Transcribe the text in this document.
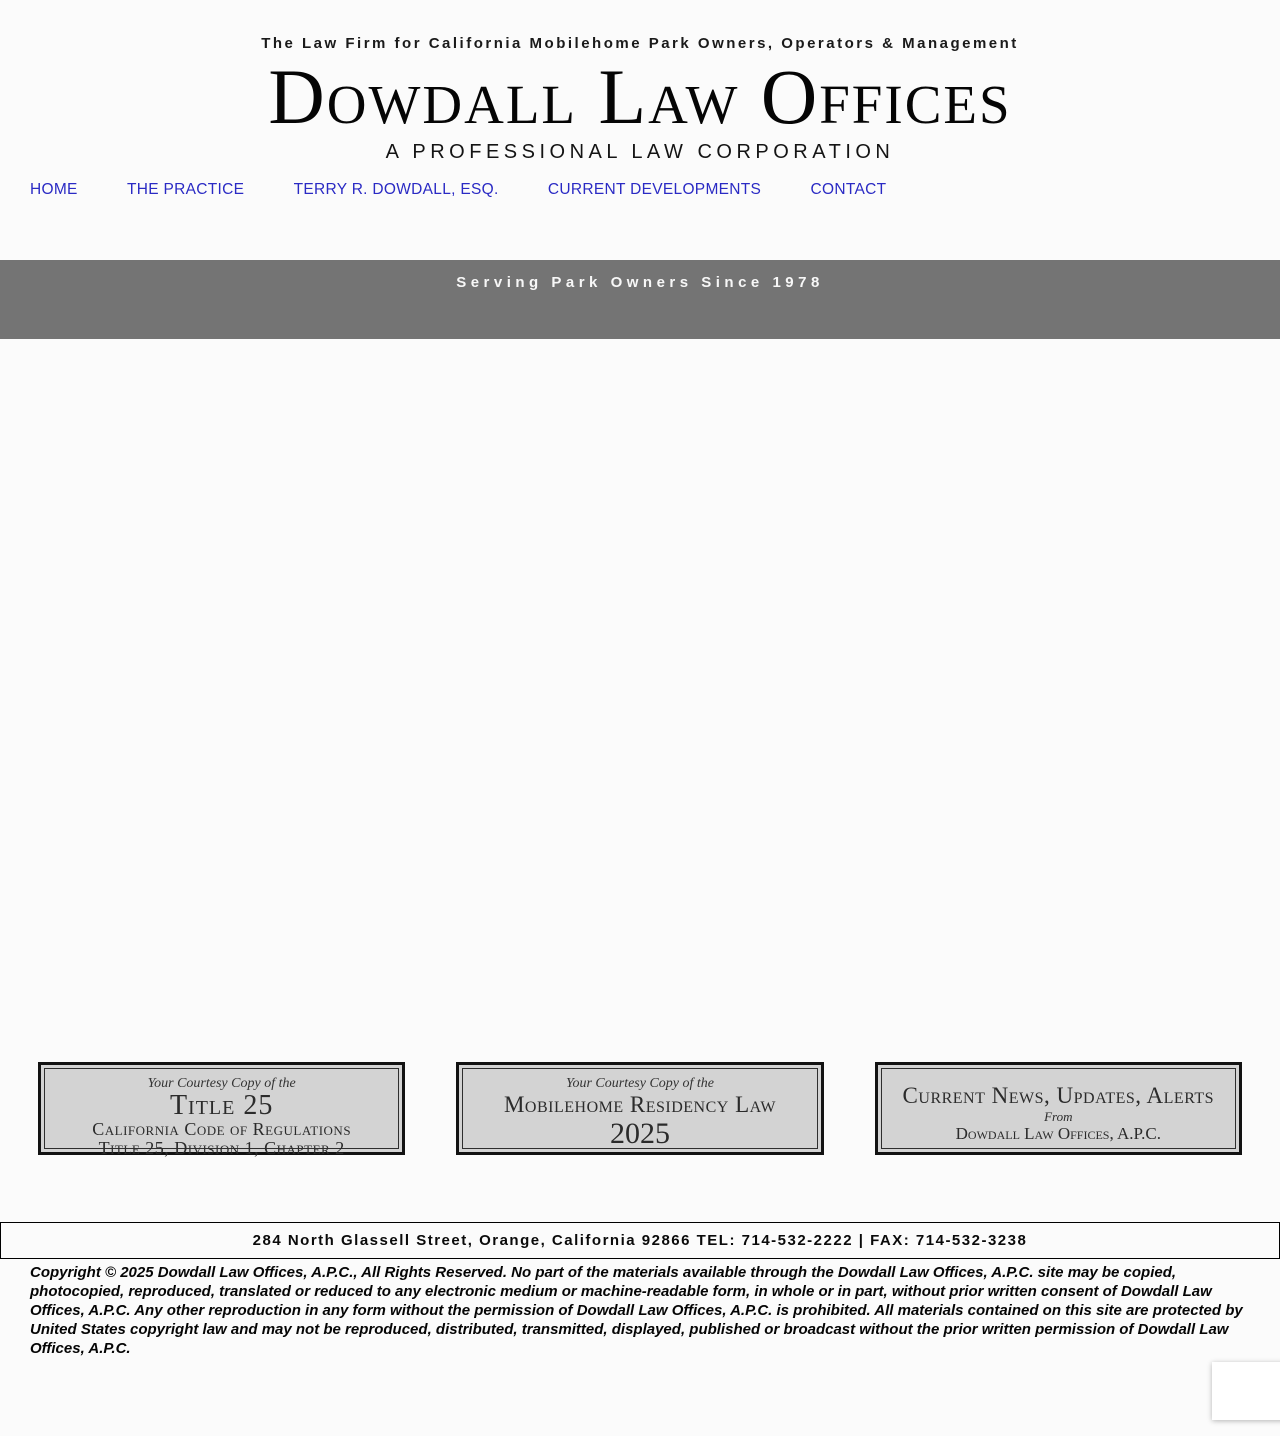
The Law Firm for California Mobilehome Park Owners, Operators & Management
Dowdall Law Offices
A PROFESSIONAL LAW CORPORATION
HOME	THE PRACTICE	TERRY R. DOWDALL, ESQ.	CURRENT DEVELOPMENTS	CONTACT
Serving Park Owners Since 1978
Your Courtesy Copy of the
Title 25
California Code of Regulations
Title 25, Division 1, Chapter 2
Your Courtesy Copy of the
Mobilehome Residency Law
2025
Current News, Updates, Alerts
From
Dowdall Law Offices, A.P.C.
284 North Glassell Street, Orange, California 92866 TEL: 714-532-2222 | FAX: 714-532-3238
Copyright © 2025 Dowdall Law Offices, A.P.C., All Rights Reserved. No part of the materials available through the Dowdall Law Offices, A.P.C. site may be copied, photocopied, reproduced, translated or reduced to any electronic medium or machine-readable form, in whole or in part, without prior written consent of Dowdall Law Offices, A.P.C. Any other reproduction in any form without the permission of Dowdall Law Offices, A.P.C. is prohibited. All materials contained on this site are protected by United States copyright law and may not be reproduced, distributed, transmitted, displayed, published or broadcast without the prior written permission of Dowdall Law Offices, A.P.C.
